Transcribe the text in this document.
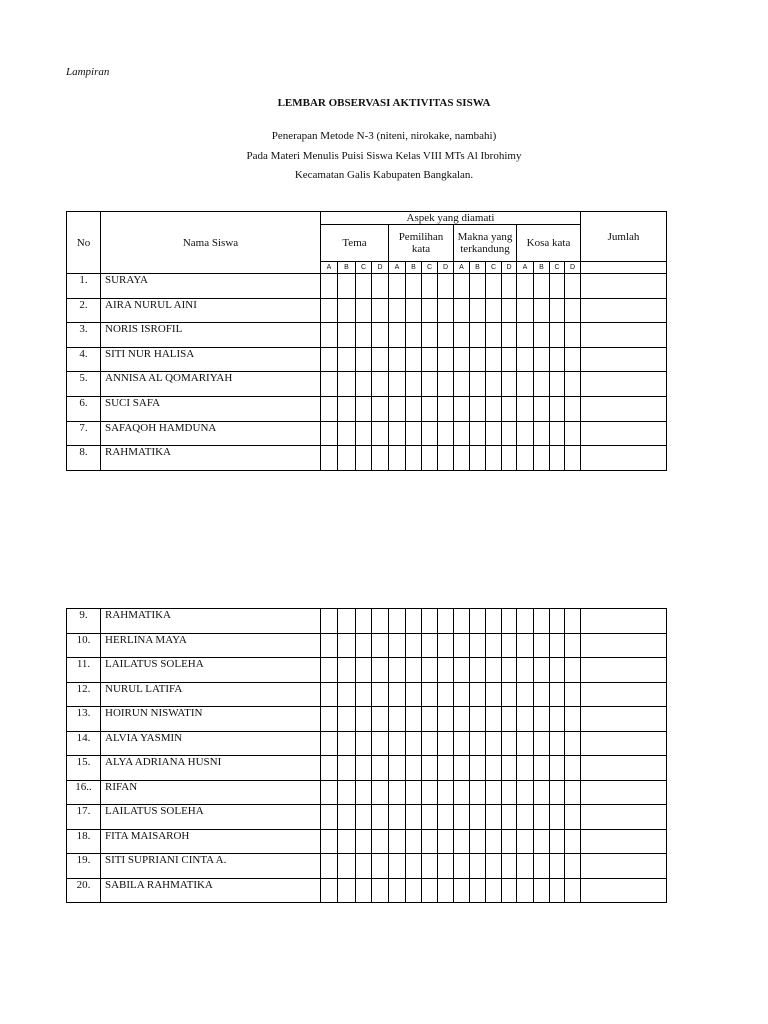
Lampiran
LEMBAR OBSERVASI AKTIVITAS SISWA
Penerapan Metode N-3 (niteni, nirokake, nambahi)
Pada Materi Menulis Puisi Siswa Kelas VIII MTs Al Ibrohimy
Kecamatan Galis Kabupaten Bangkalan.
No	Nama Siswa	Aspek yang diamati																Jumlah
		Tema				Pemilihan kata				Makna yang terkandung				Kosa kata				
		A	B	C	D	A	B	C	D	A	B	C	D	A	B	C	D	
1.	SURAYA																	
2.	AIRA NURUL AINI																	
3.	NORIS ISROFIL																	
4.	SITI NUR HALISA																	
5.	ANNISA AL QOMARIYAH																	
6.	SUCI SAFA																	
7.	SAFAQOH HAMDUNA																	
8.	RAHMATIKA																	
9.	RAHMATIKA																	
10.	HERLINA MAYA																	
11.	LAILATUS SOLEHA																	
12.	NURUL LATIFA																	
13.	HOIRUN NISWATIN																	
14.	ALVIA YASMIN																	
15.	ALYA ADRIANA HUSNI																	
16..	RIFAN																	
17.	LAILATUS SOLEHA																	
18.	FITA MAISAROH																	
19.	SITI SUPRIANI CINTA A.																	
20.	SABILA RAHMATIKA																	
